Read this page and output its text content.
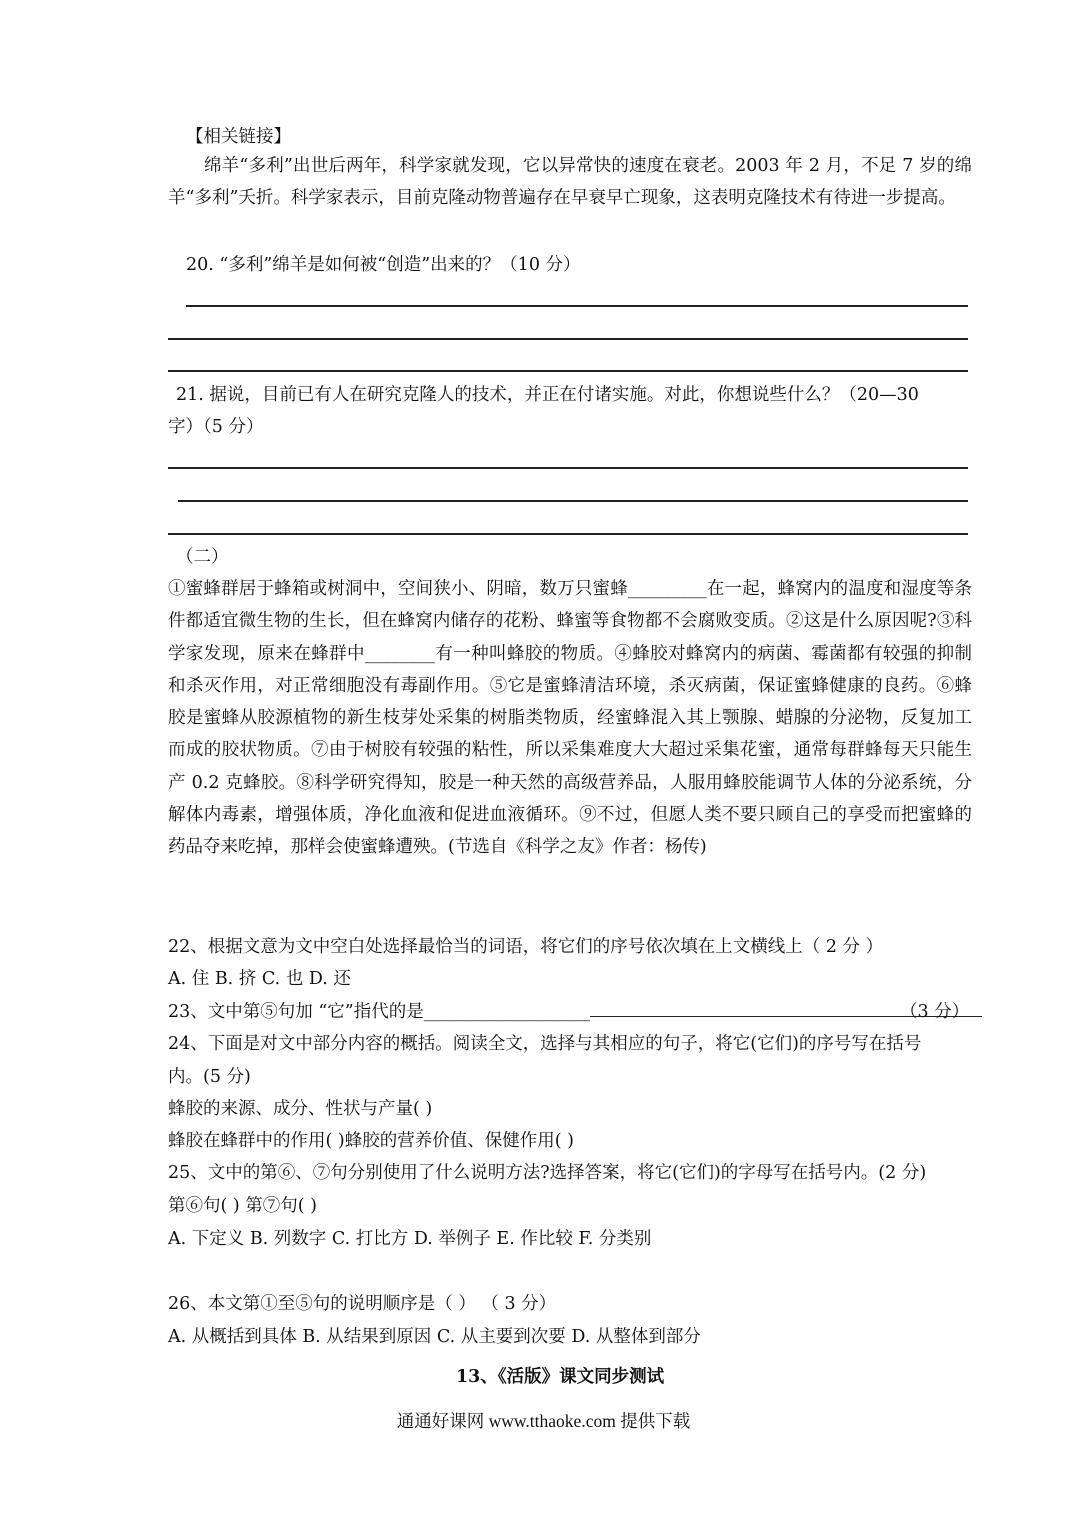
【相关链接】
绵羊“多利”出世后两年，科学家就发现，它以异常快的速度在衰老。2003 年 2 月，不足 7 岁的绵羊“多利”夭折。科学家表示，目前克隆动物普遍存在早衰早亡现象，这表明克隆技术有待进一步提高。
20. “多利”绵羊是如何被“创造”出来的？（10 分）
21. 据说，目前已有人在研究克隆人的技术，并正在付诸实施。对此，你想说些什么？（20—30
字）（5 分）
（二）
①蜜蜂群居于蜂箱或树洞中，空间狭小、阴暗，数万只蜜蜂_________在一起，蜂窝内的温度和湿度等条件都适宜微生物的生长，但在蜂窝内储存的花粉、蜂蜜等食物都不会腐败变质。②这是什么原因呢?③科学家发现，原来在蜂群中________有一种叫蜂胶的物质。④蜂胶对蜂窝内的病菌、霉菌都有较强的抑制和杀灭作用，对正常细胞没有毒副作用。⑤它是蜜蜂清洁环境，杀灭病菌，保证蜜蜂健康的良药。⑥蜂胶是蜜蜂从胶源植物的新生枝芽处采集的树脂类物质，经蜜蜂混入其上颚腺、蜡腺的分泌物，反复加工而成的胶状物质。⑦由于树胶有较强的粘性，所以采集难度大大超过采集花蜜，通常每群蜂每天只能生产 0.2 克蜂胶。⑧科学研究得知，胶是一种天然的高级营养品，人服用蜂胶能调节人体的分泌系统，分解体内毒素，增强体质，净化血液和促进血液循环。⑨不过，但愿人类不要只顾自己的享受而把蜜蜂的药品夺来吃掉，那样会使蜜蜂遭殃。(节选自《科学之友》作者：杨传)
22、根据文意为文中空白处选择最恰当的词语，将它们的序号依次填在上文横线上（ 2 分 ）
A. 住 B. 挤 C. 也 D. 还
23、文中第⑤句加 “它”指代的是___________________	（3 分）
24、下面是对文中部分内容的概括。阅读全文，选择与其相应的句子，将它(它们)的序号写在括号
内。(5 分)
蜂胶的来源、成分、性状与产量( )
蜂胶在蜂群中的作用( )蜂胶的营养价值、保健作用( )
25、文中的第⑥、⑦句分别使用了什么说明方法?选择答案，将它(它们)的字母写在括号内。(2 分)
第⑥句( ) 第⑦句( )
A. 下定义 B. 列数字 C. 打比方 D. 举例子 E. 作比较 F. 分类别
26、本文第①至⑤句的说明顺序是（ ） （ 3 分）
A. 从概括到具体 B. 从结果到原因 C. 从主要到次要 D. 从整体到部分
13、《活版》课文同步测试
通通好课网 www.tthaoke.com 提供下载
